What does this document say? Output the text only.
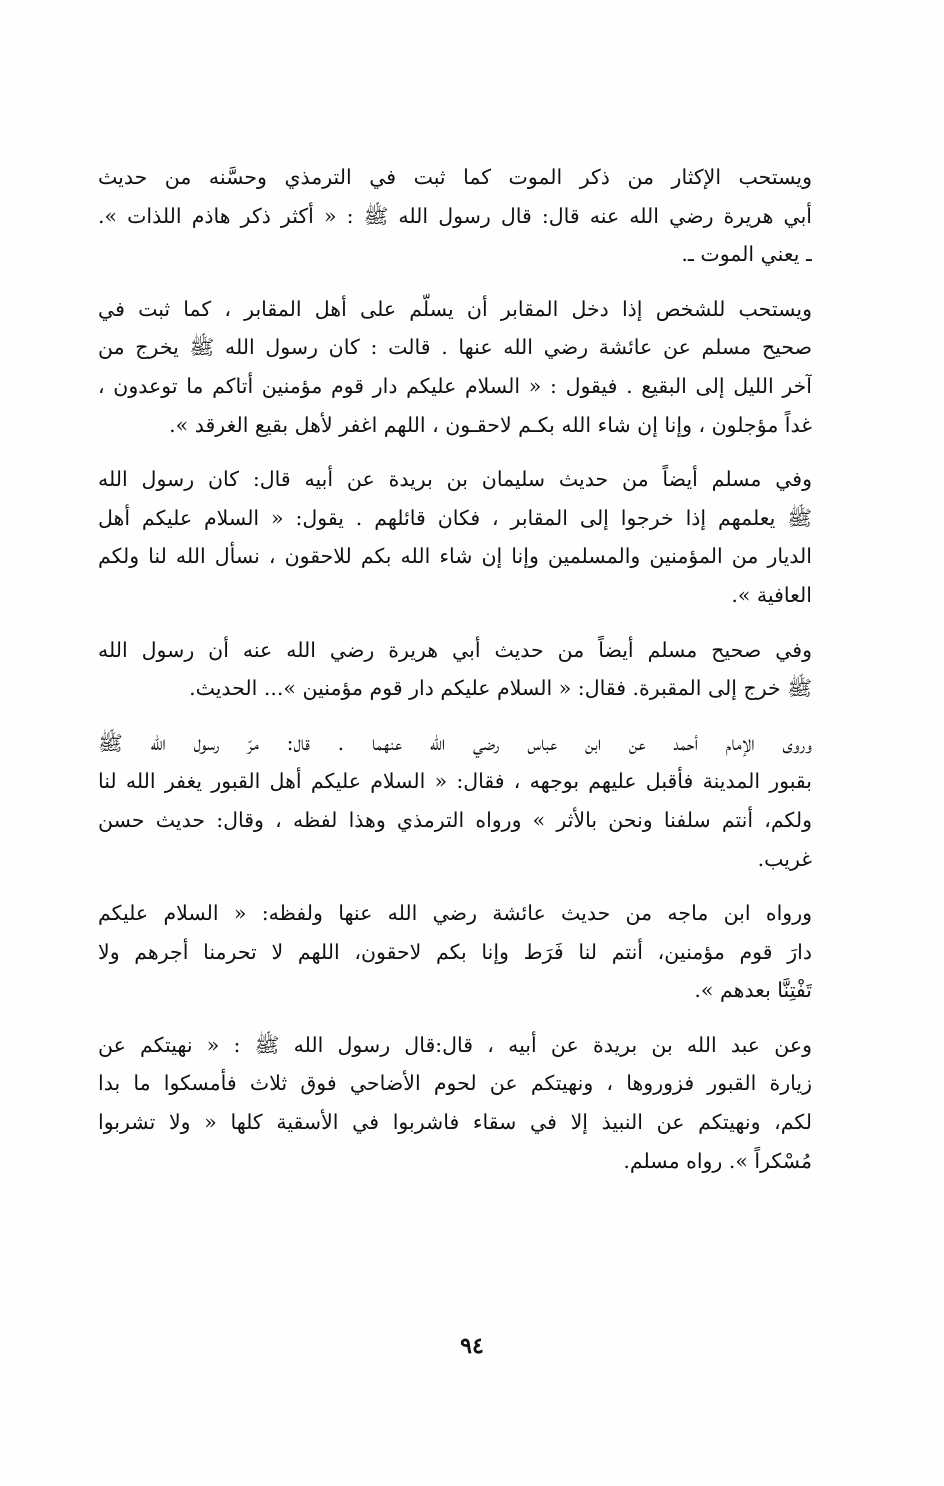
ويستحب الإكثار من ذكر الموت كما ثبت في الترمذي وحسَّنه من حديث
أبي هريرة رضي الله عنه قال: قال رسول الله ﷺ : « أكثر ذكر هاذم اللذات ».
ـ يعني الموت ـ.
ويستحب للشخص إذا دخل المقابر أن يسلّم على أهل المقابر ، كما ثبت في
صحيح مسلم عن عائشة رضي الله عنها . قالت : كان رسول الله ﷺ يخرج من
آخر الليل إلى البقيع . فيقول : « السلام عليكم دار قوم مؤمنين أتاكم ما توعدون ،
غداً مؤجلون ، وإنا إن شاء الله بكـم لاحقـون ، اللهم اغفر لأهل بقيع الغرقد ».
وفي مسلم أيضاً من حديث سليمان بن بريدة عن أبيه قال: كان رسول الله
ﷺ يعلمهم إذا خرجوا إلى المقابر ، فكان قائلهم . يقول: « السلام عليكم أهل
الديار من المؤمنين والمسلمين وإنا إن شاء الله بكم للاحقون ، نسأل الله لنا ولكم
العافية ».
وفي صحيح مسلم أيضاً من حديث أبي هريرة رضي الله عنه أن رسول الله
ﷺ خرج إلى المقبرة. فقال: « السلام عليكم دار قوم مؤمنين »... الحديث.
وروى الإمام أحمد عن ابن عباس رضي الله عنهما . قال: مرّ رسول الله ﷺ
بقبور المدينة فأقبل عليهم بوجهه ، فقال: « السلام عليكم أهل القبور يغفر الله لنا
ولكم، أنتم سلفنا ونحن بالأثر » ورواه الترمذي وهذا لفظه ، وقال: حديث حسن
غريب.
ورواه ابن ماجه من حديث عائشة رضي الله عنها ولفظه: « السلام عليكم
دارَ قوم مؤمنين، أنتم لنا فَرَط وإنا بكم لاحقون، اللهم لا تحرمنا أجرهم ولا
تَفْتِنَّا بعدهم ».
وعن عبد الله بن بريدة عن أبيه ، قال:قال رسول الله ﷺ : « نهيتكم عن
زيارة القبور فزوروها ، ونهيتكم عن لحوم الأضاحي فوق ثلاث فأمسكوا ما بدا
لكم، ونهيتكم عن النبيذ إلا في سقاء فاشربوا في الأسقية كلها « ولا تشربوا
مُسْكراً ». رواه مسلم.
٩٤
